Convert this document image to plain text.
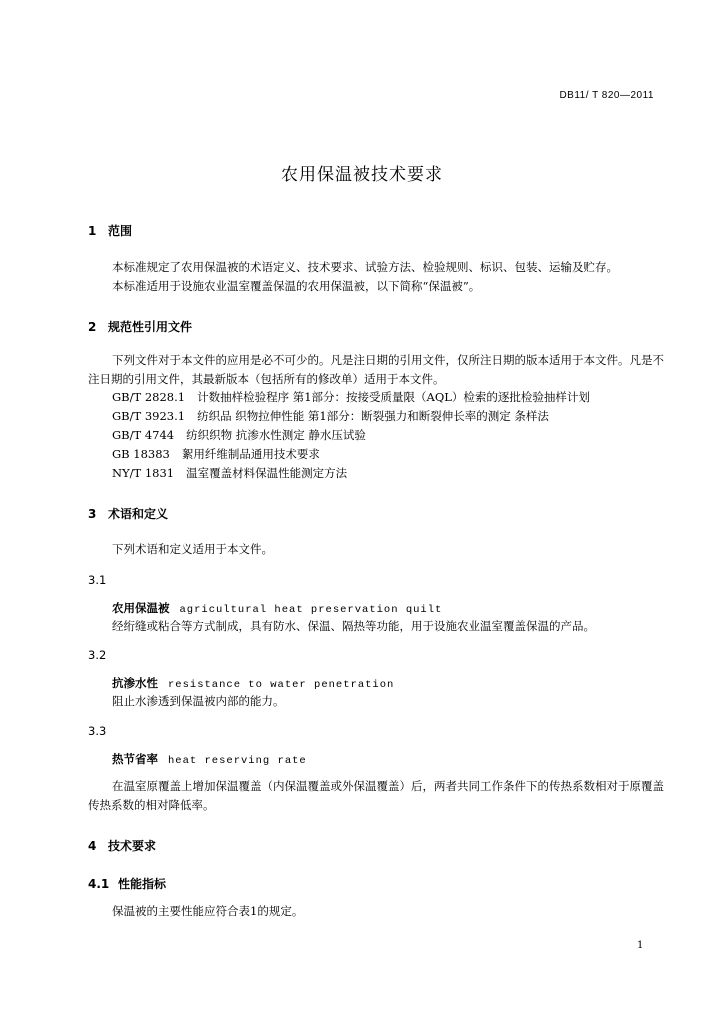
DB11/ T 820—2011
农用保温被技术要求
1 范围
本标准规定了农用保温被的术语定义、技术要求、试验方法、检验规则、标识、包装、运输及贮存。
本标准适用于设施农业温室覆盖保温的农用保温被，以下简称“保温被”。
2 规范性引用文件
下列文件对于本文件的应用是必不可少的。凡是注日期的引用文件，仅所注日期的版本适用于本文件。凡是不注日期的引用文件，其最新版本（包括所有的修改单）适用于本文件。
GB/T 2828.1 计数抽样检验程序 第1部分：按接受质量限（AQL）检索的逐批检验抽样计划
GB/T 3923.1 纺织品 织物拉伸性能 第1部分：断裂强力和断裂伸长率的测定 条样法
GB/T 4744 纺织织物 抗渗水性测定 静水压试验
GB 18383 絮用纤维制品通用技术要求
NY/T 1831 温室覆盖材料保温性能测定方法
3 术语和定义
下列术语和定义适用于本文件。
3.1
农用保温被 agricultural heat preservation quilt
经绗缝或粘合等方式制成，具有防水、保温、隔热等功能，用于设施农业温室覆盖保温的产品。
3.2
抗渗水性 resistance to water penetration
阻止水渗透到保温被内部的能力。
3.3
热节省率 heat reserving rate
在温室原覆盖上增加保温覆盖（内保温覆盖或外保温覆盖）后，两者共同工作条件下的传热系数相对于原覆盖传热系数的相对降低率。
4 技术要求
4.1 性能指标
保温被的主要性能应符合表1的规定。
1
